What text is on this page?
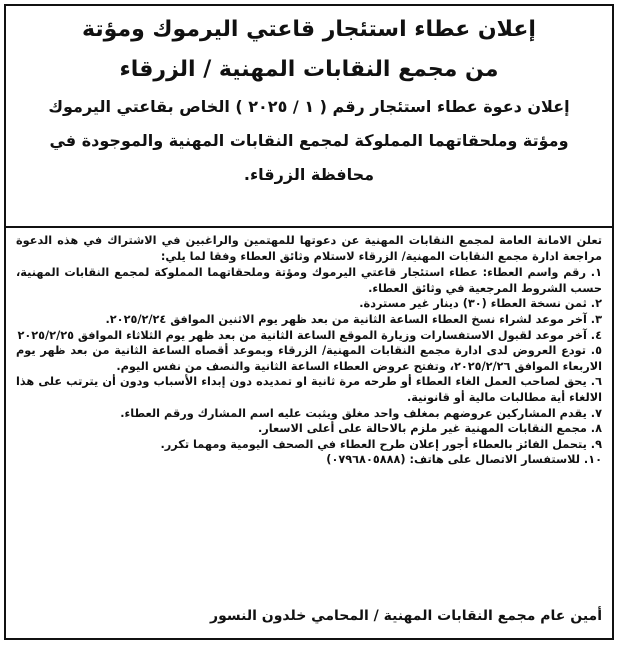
إعلان عطاء استئجار قاعتي اليرموك ومؤتة
من مجمع النقابات المهنية / الزرقاء
إعلان دعوة عطاء استئجار رقم ( ١ / ٢٠٢٥ ) الخاص بقاعتي اليرموك
ومؤتة وملحقاتهما المملوكة لمجمع النقابات المهنية والموجودة في
محافظة الزرقاء.

تعلن الامانة العامة لمجمع النقابات المهنية عن دعوتها للمهتمين والراغبين في الاشتراك في هذه الدعوة مراجعة ادارة مجمع النقابات المهنية/ الزرقاء لاستلام وثائق العطاء وفقا لما يلي:

١. رقم واسم العطاء: عطاء استئجار قاعتي اليرموك ومؤتة وملحقاتهما المملوكة لمجمع النقابات المهنية، حسب الشروط المرجعية في وثائق العطاء.
٢. ثمن نسخة العطاء (٣٠) دينار غير مستردة.
٣. آخر موعد لشراء نسخ العطاء الساعة الثانية من بعد ظهر يوم الاثنين الموافق ٢٠٢٥/٢/٢٤.
٤. آخر موعد لقبول الاستفسارات وزيارة الموقع الساعة الثانية من بعد ظهر يوم الثلاثاء الموافق ٢٠٢٥/٢/٢٥
٥. تودع العروض لدى ادارة مجمع النقابات المهنية/ الزرقاء وبموعد أقصاه الساعة الثانية من بعد ظهر يوم الاربعاء الموافق ٢٠٢٥/٢/٢٦، وتفتح عروض العطاء الساعة الثانية والنصف من نفس اليوم.
٦. يحق لصاحب العمل الغاء العطاء أو طرحه مرة ثانية او تمديده دون إبداء الأسباب ودون أن يترتب على هذا الالغاء أية مطالبات مالية أو قانونية.
٧. يقدم المشاركين عروضهم بمغلف واحد مغلق ويثبت عليه اسم المشارك ورقم العطاء.
٨. مجمع النقابات المهنية غير ملزم بالاحالة على أعلى الاسعار.
٩. يتحمل الفائز بالعطاء أجور إعلان طرح العطاء في الصحف اليومية ومهما تكرر.
١٠. للاستفسار الاتصال على هاتف: (٠٧٩٦٨٠٥٨٨٨)
أمين عام مجمع النقابات المهنية / المحامي خلدون النسور
